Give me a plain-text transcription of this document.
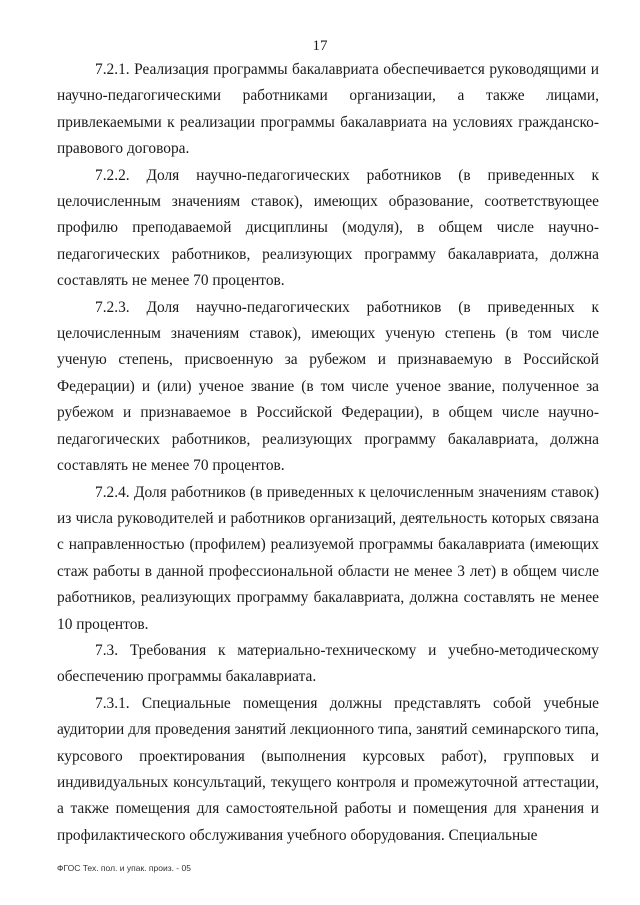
17

7.2.1. Реализация программы бакалавриата обеспечивается руководящими и научно-педагогическими работниками организации, а также лицами, привлекаемыми к реализации программы бакалавриата на условиях гражданско-правового договора.

7.2.2. Доля научно-педагогических работников (в приведенных к целочисленным значениям ставок), имеющих образование, соответствующее профилю преподаваемой дисциплины (модуля), в общем числе научно-педагогических работников, реализующих программу бакалавриата, должна составлять не менее 70 процентов.

7.2.3. Доля научно-педагогических работников (в приведенных к целочисленным значениям ставок), имеющих ученую степень (в том числе ученую степень, присвоенную за рубежом и признаваемую в Российской Федерации) и (или) ученое звание (в том числе ученое звание, полученное за рубежом и признаваемое в Российской Федерации), в общем числе научно-педагогических работников, реализующих программу бакалавриата, должна составлять не менее 70 процентов.

7.2.4. Доля работников (в приведенных к целочисленным значениям ставок) из числа руководителей и работников организаций, деятельность которых связана с направленностью (профилем) реализуемой программы бакалавриата (имеющих стаж работы в данной профессиональной области не менее 3 лет) в общем числе работников, реализующих программу бакалавриата, должна составлять не менее 10 процентов.

7.3. Требования к материально-техническому и учебно-методическому обеспечению программы бакалавриата.

7.3.1. Специальные помещения должны представлять собой учебные аудитории для проведения занятий лекционного типа, занятий семинарского типа, курсового проектирования (выполнения курсовых работ), групповых и индивидуальных консультаций, текущего контроля и промежуточной аттестации, а также помещения для самостоятельной работы и помещения для хранения и профилактического обслуживания учебного оборудования. Специальные

ФГОС Тех. пол. и упак. произ. - 05
